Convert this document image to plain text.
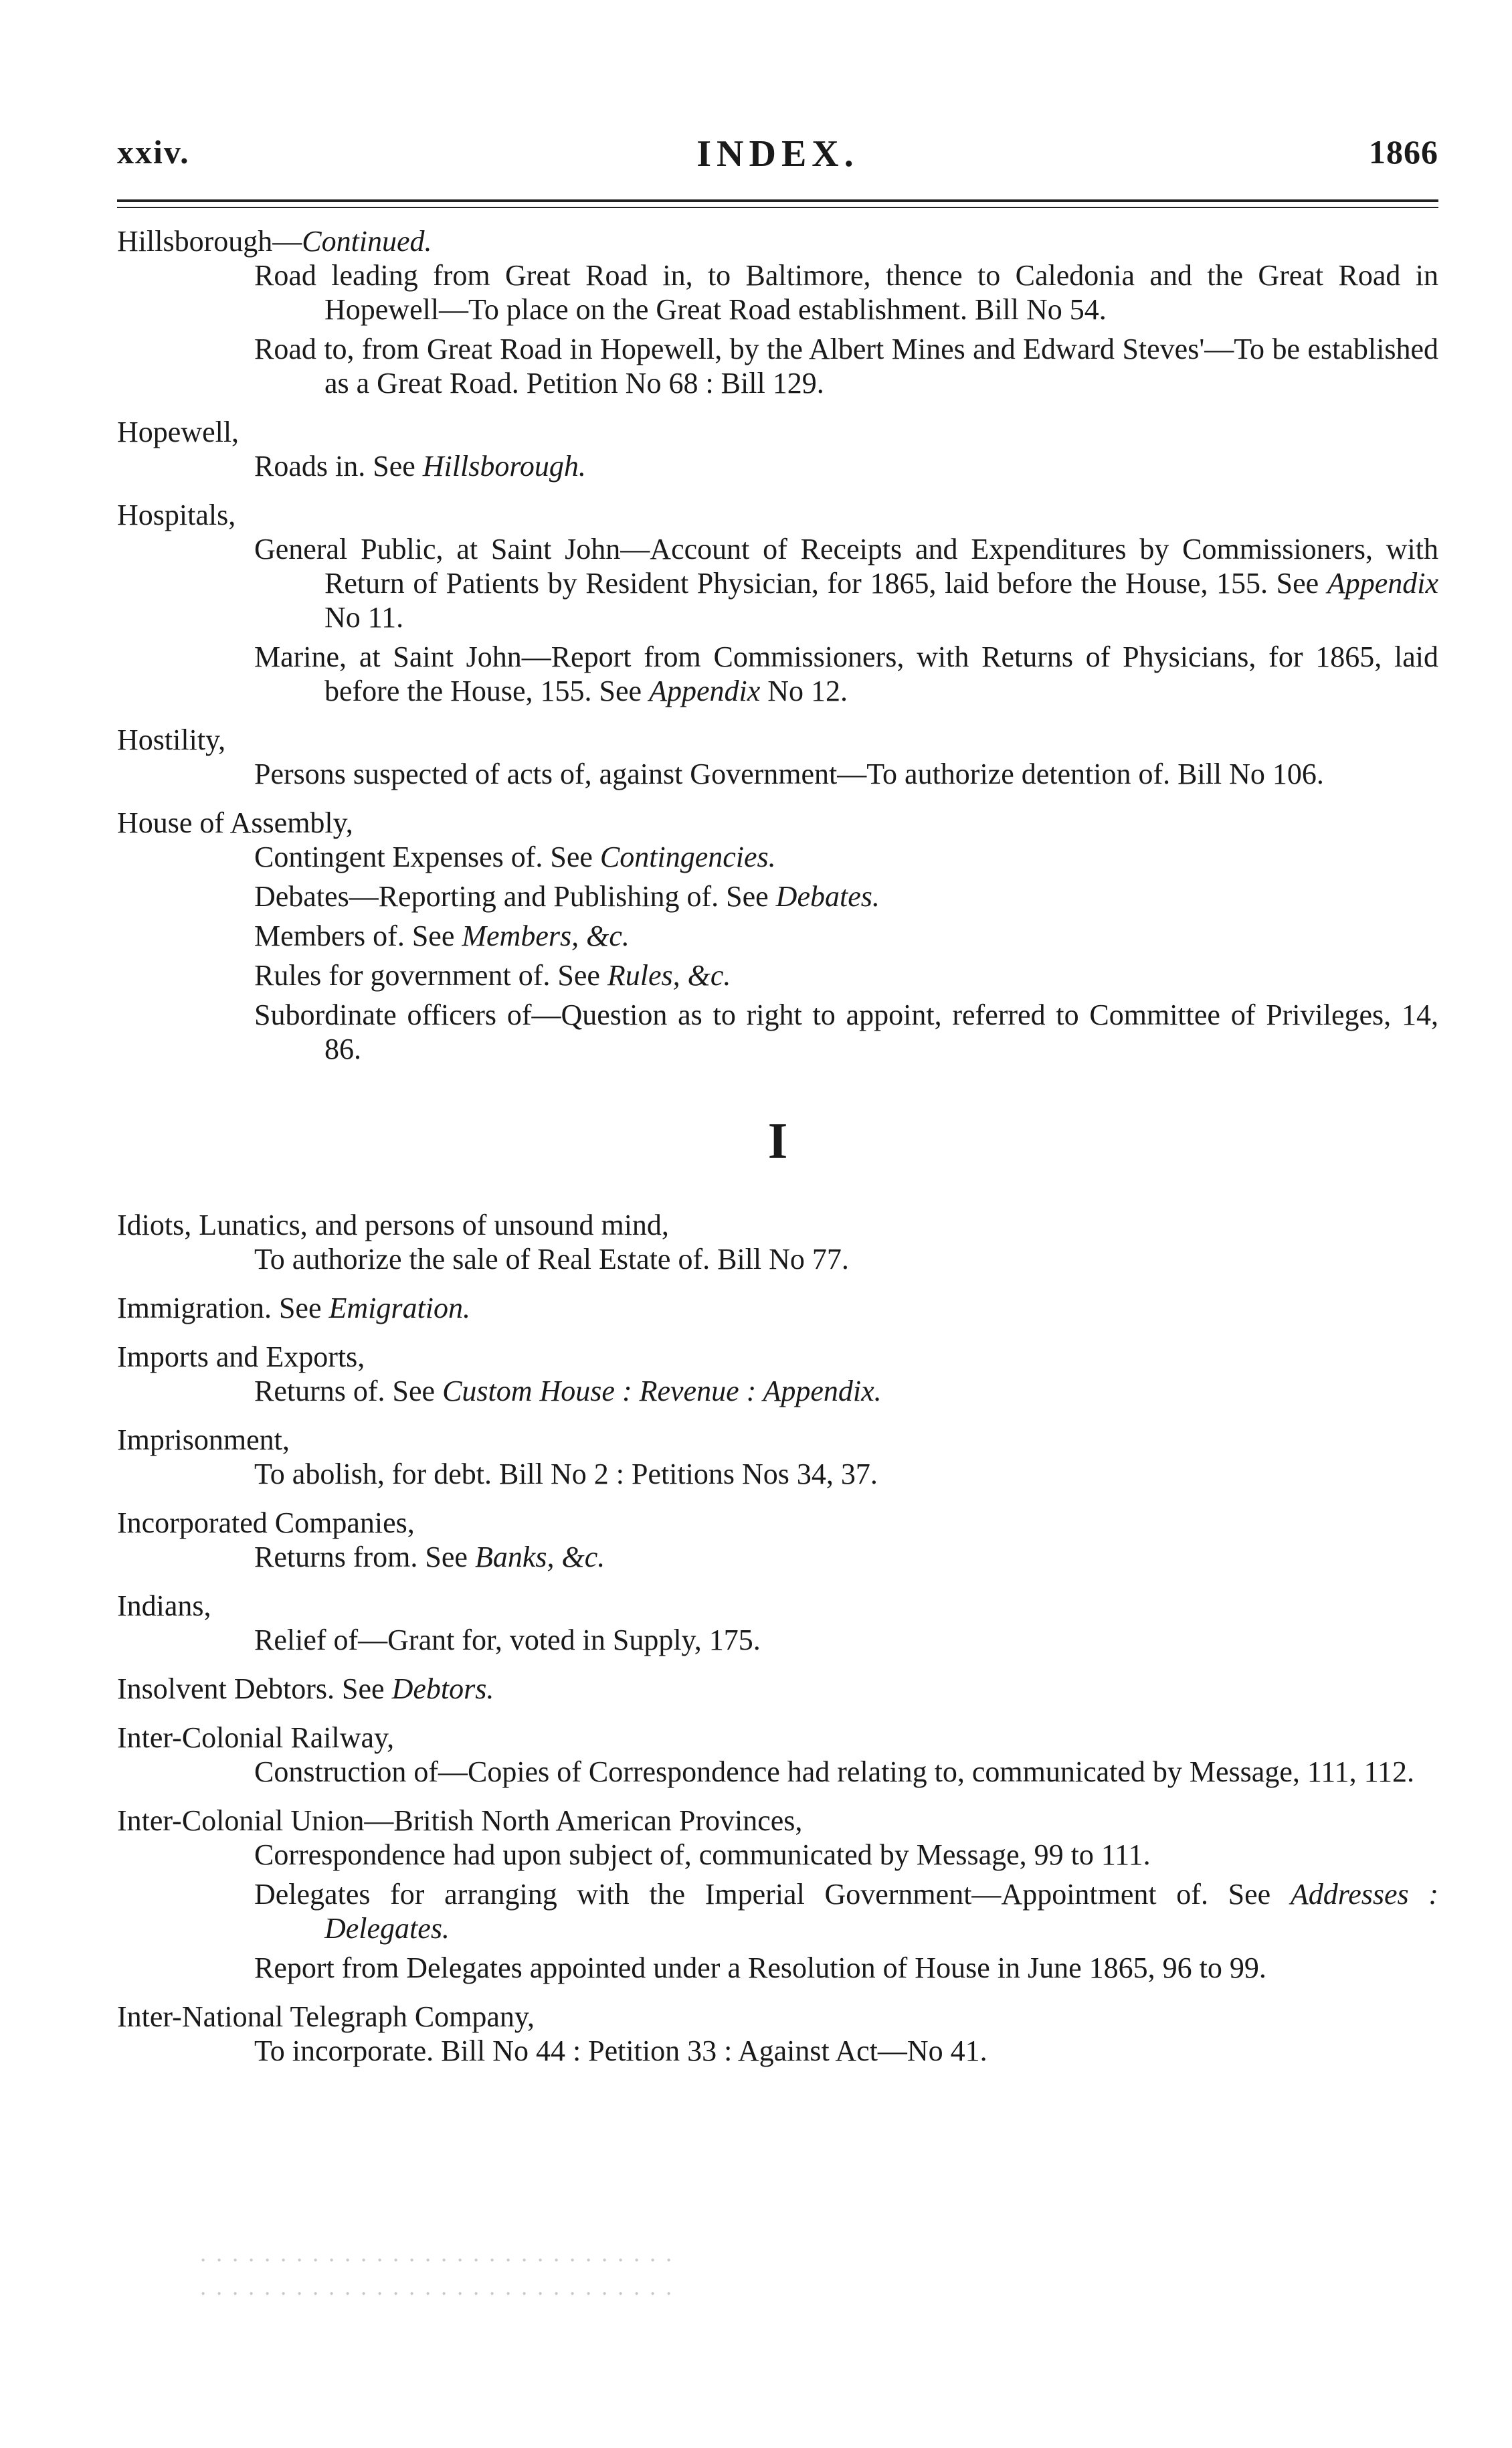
xxiv.	INDEX.	1866
Hillsborough—Continued.
Road leading from Great Road in, to Baltimore, thence to Caledonia and the Great Road in Hopewell—To place on the Great Road establishment. Bill No 54.
Road to, from Great Road in Hopewell, by the Albert Mines and Edward Steves'—To be established as a Great Road. Petition No 68 : Bill 129.
Hopewell,
Roads in. See Hillsborough.
Hospitals,
General Public, at Saint John—Account of Receipts and Expenditures by Commissioners, with Return of Patients by Resident Physician, for 1865, laid before the House, 155. See Appendix No 11.
Marine, at Saint John—Report from Commissioners, with Returns of Physicians, for 1865, laid before the House, 155. See Appendix No 12.
Hostility,
Persons suspected of acts of, against Government—To authorize detention of. Bill No 106.
House of Assembly,
Contingent Expenses of. See Contingencies.
Debates—Reporting and Publishing of. See Debates.
Members of. See Members, &c.
Rules for government of. See Rules, &c.
Subordinate officers of—Question as to right to appoint, referred to Committee of Privileges, 14, 86.
I
Idiots, Lunatics, and persons of unsound mind,
To authorize the sale of Real Estate of. Bill No 77.
Immigration. See Emigration.
Imports and Exports,
Returns of. See Custom House : Revenue : Appendix.
Imprisonment,
To abolish, for debt. Bill No 2 : Petitions Nos 34, 37.
Incorporated Companies,
Returns from. See Banks, &c.
Indians,
Relief of—Grant for, voted in Supply, 175.
Insolvent Debtors. See Debtors.
Inter-Colonial Railway,
Construction of—Copies of Correspondence had relating to, communicated by Message, 111, 112.
Inter-Colonial Union—British North American Provinces,
Correspondence had upon subject of, communicated by Message, 99 to 111.
Delegates for arranging with the Imperial Government—Appointment of. See Addresses : Delegates.
Report from Delegates appointed under a Resolution of House in June 1865, 96 to 99.
Inter-National Telegraph Company,
To incorporate. Bill No 44 : Petition 33 : Against Act—No 41.
. . . . . . . . . . . . . . . . . . . . . . . . . . . . . .
. . . . . . . . . . . . . . . . . . . . . . . . . . . . . .
